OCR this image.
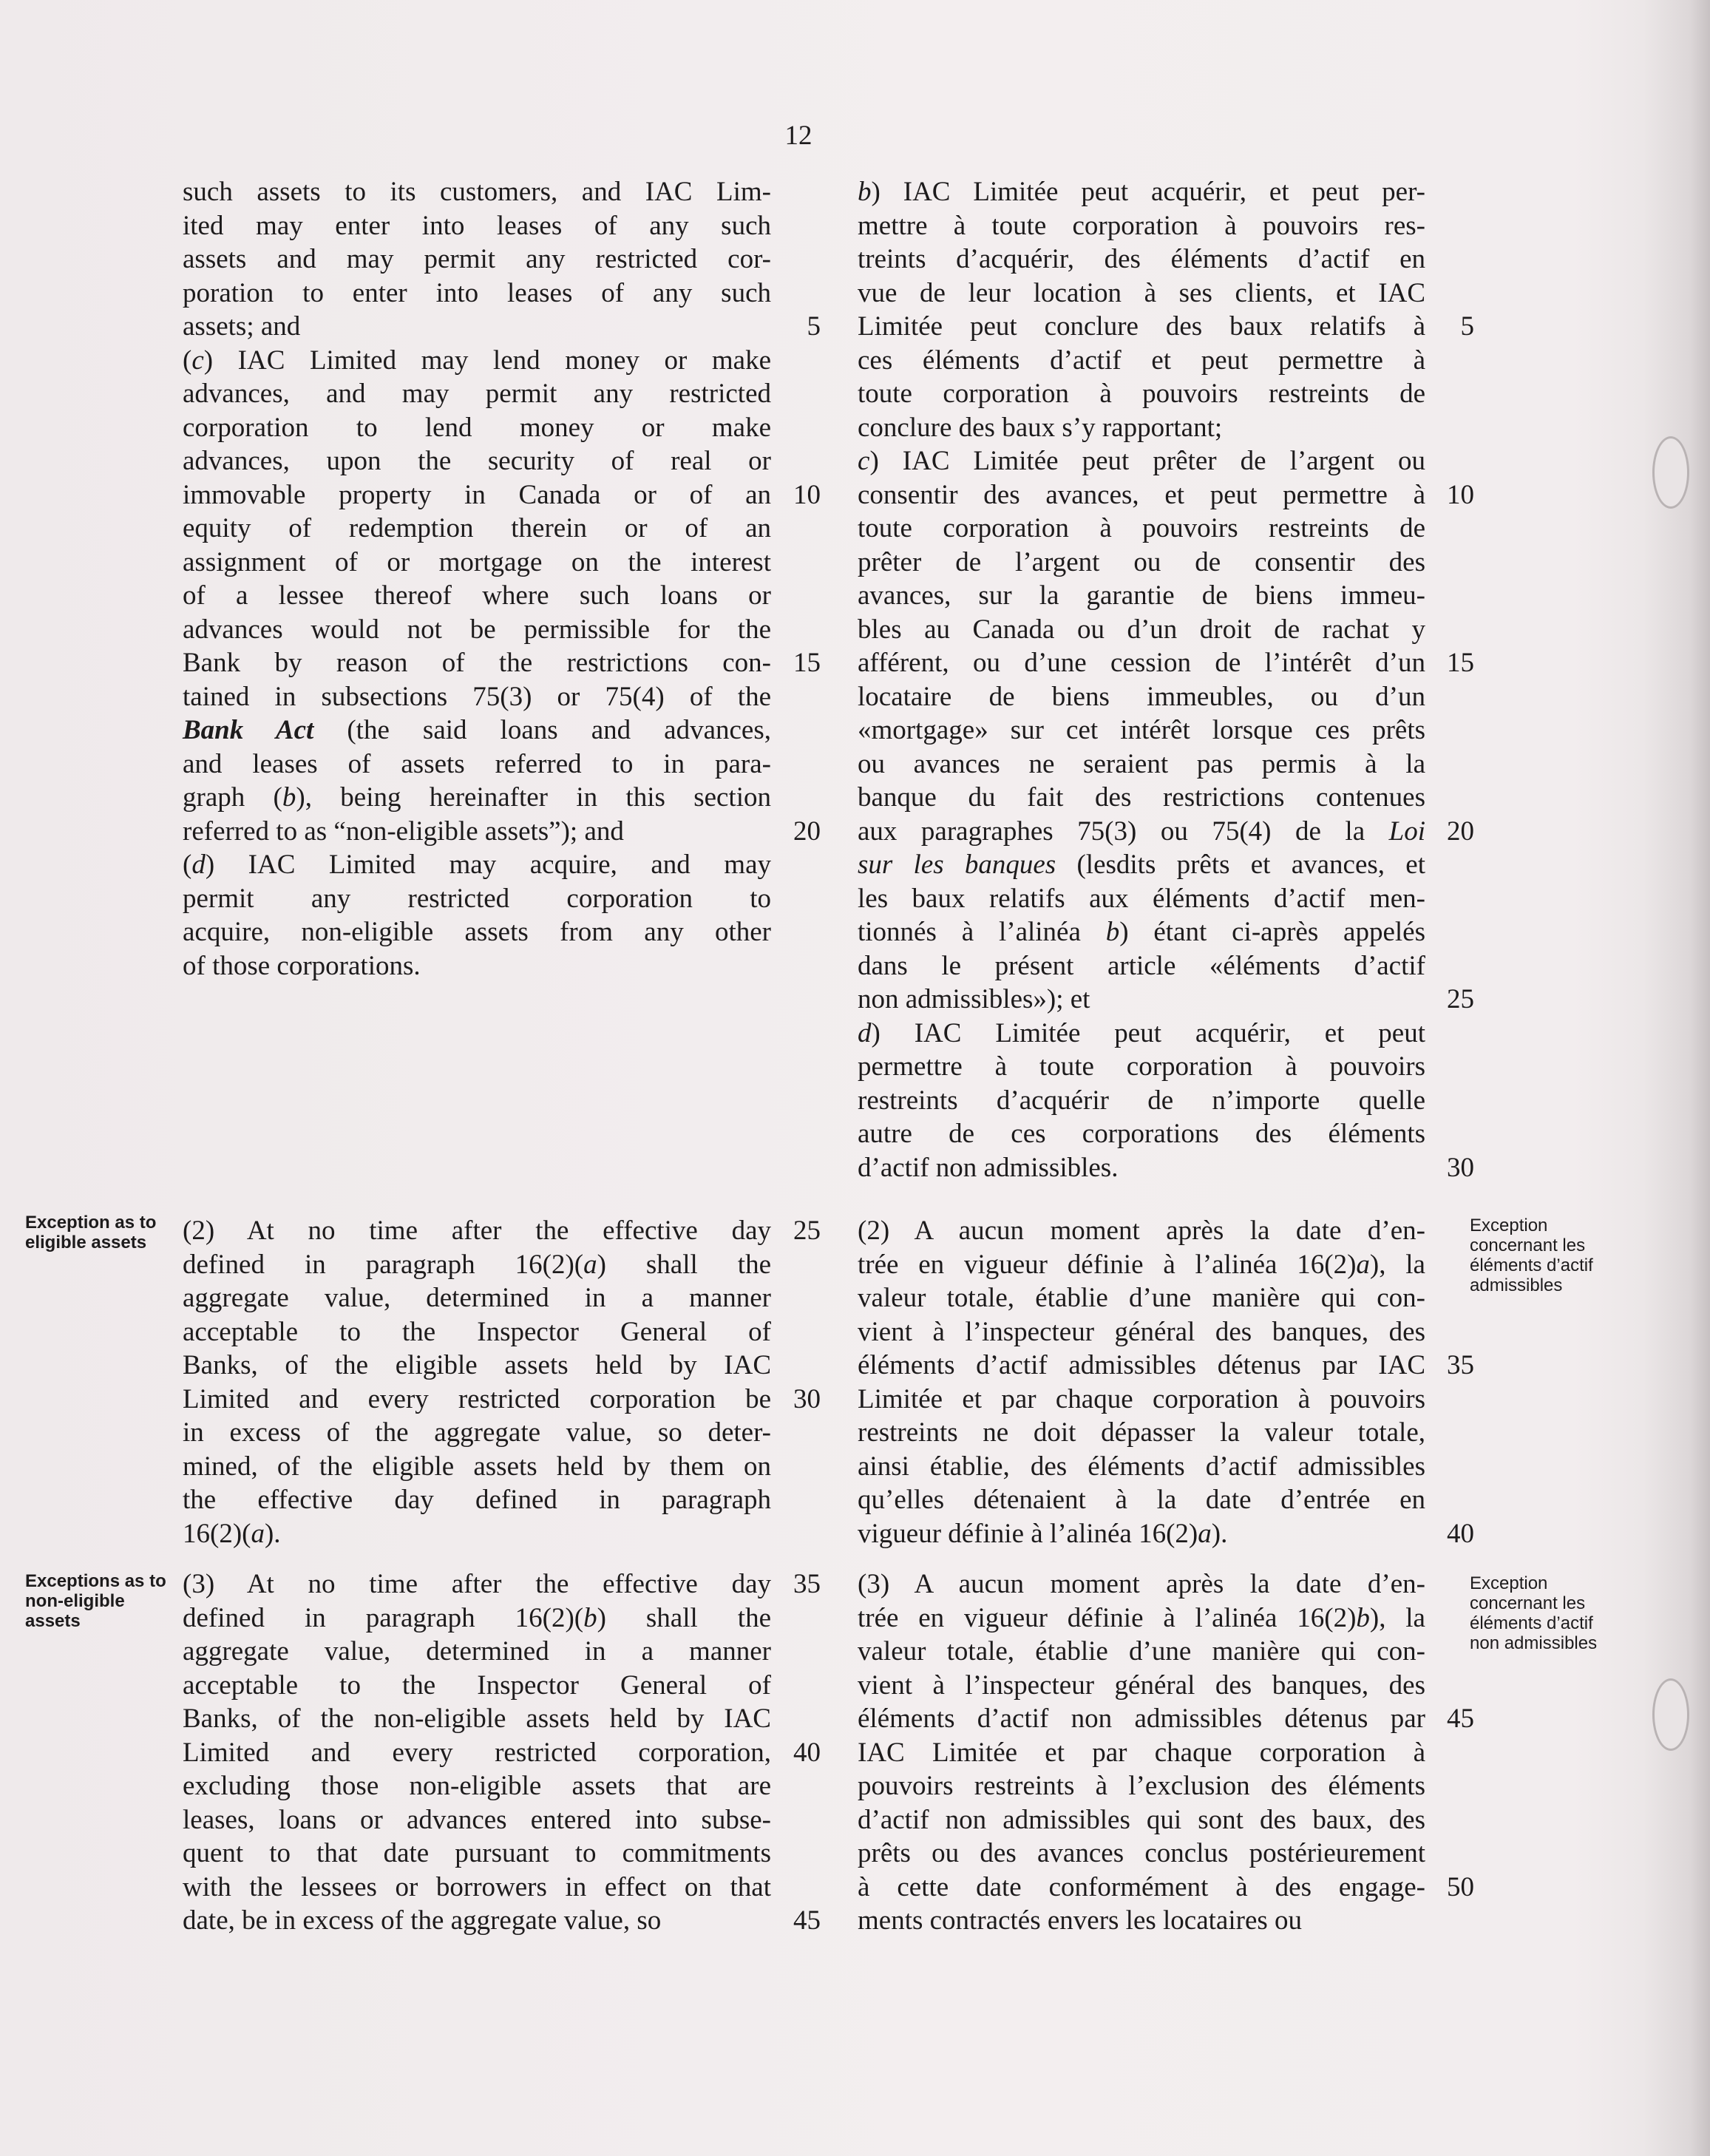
12
Exception as to eligible assets
Exceptions as to non-eligible assets
Exception concernant les éléments d’actif admissibles
Exception concernant les éléments d’actif non admissibles
such assets to its customers, and IAC Lim-
ited may enter into leases of any such
assets and may permit any restricted cor-
poration to enter into leases of any such
assets; and
(c) IAC Limited may lend money or make
advances, and may permit any restricted
corporation to lend money or make
advances, upon the security of real or
immovable property in Canada or of an
equity of redemption therein or of an
assignment of or mortgage on the interest
of a lessee thereof where such loans or
advances would not be permissible for the
Bank by reason of the restrictions con-
tained in subsections 75(3) or 75(4) of the
Bank Act (the said loans and advances,
and leases of assets referred to in para-
graph (b), being hereinafter in this section
referred to as “non-eligible assets”); and
(d) IAC Limited may acquire, and may
permit any restricted corporation to
acquire, non-eligible assets from any other
of those corporations.
(2) At no time after the effective day
defined in paragraph 16(2)(a) shall the
aggregate value, determined in a manner
acceptable to the Inspector General of
Banks, of the eligible assets held by IAC
Limited and every restricted corporation be
in excess of the aggregate value, so deter-
mined, of the eligible assets held by them on
the effective day defined in paragraph
16(2)(a).
(3) At no time after the effective day
defined in paragraph 16(2)(b) shall the
aggregate value, determined in a manner
acceptable to the Inspector General of
Banks, of the non-eligible assets held by IAC
Limited and every restricted corporation,
excluding those non-eligible assets that are
leases, loans or advances entered into subse-
quent to that date pursuant to commitments
with the lessees or borrowers in effect on that
date, be in excess of the aggregate value, so
b) IAC Limitée peut acquérir, et peut per-
mettre à toute corporation à pouvoirs res-
treints d’acquérir, des éléments d’actif en
vue de leur location à ses clients, et IAC
Limitée peut conclure des baux relatifs à
ces éléments d’actif et peut permettre à
toute corporation à pouvoirs restreints de
conclure des baux s’y rapportant;
c) IAC Limitée peut prêter de l’argent ou
consentir des avances, et peut permettre à
toute corporation à pouvoirs restreints de
prêter de l’argent ou de consentir des
avances, sur la garantie de biens immeu-
bles au Canada ou d’un droit de rachat y
afférent, ou d’une cession de l’intérêt d’un
locataire de biens immeubles, ou d’un
«mortgage» sur cet intérêt lorsque ces prêts
ou avances ne seraient pas permis à la
banque du fait des restrictions contenues
aux paragraphes 75(3) ou 75(4) de la Loi
sur les banques (lesdits prêts et avances, et
les baux relatifs aux éléments d’actif men-
tionnés à l’alinéa b) étant ci-après appelés
dans le présent article «éléments d’actif
non admissibles»); et
d) IAC Limitée peut acquérir, et peut
permettre à toute corporation à pouvoirs
restreints d’acquérir de n’importe quelle
autre de ces corporations des éléments
d’actif non admissibles.
(2) A aucun moment après la date d’en-
trée en vigueur définie à l’alinéa 16(2)a), la
valeur totale, établie d’une manière qui con-
vient à l’inspecteur général des banques, des
éléments d’actif admissibles détenus par IAC
Limitée et par chaque corporation à pouvoirs
restreints ne doit dépasser la valeur totale,
ainsi établie, des éléments d’actif admissibles
qu’elles détenaient à la date d’entrée en
vigueur définie à l’alinéa 16(2)a).
(3) A aucun moment après la date d’en-
trée en vigueur définie à l’alinéa 16(2)b), la
valeur totale, établie d’une manière qui con-
vient à l’inspecteur général des banques, des
éléments d’actif non admissibles détenus par
IAC Limitée et par chaque corporation à
pouvoirs restreints à l’exclusion des éléments
d’actif non admissibles qui sont des baux, des
prêts ou des avances conclus postérieurement
à cette date conformément à des engage-
ments contractés envers les locataires ou
5
10
15
20
25
30
35
40
45
5
10
15
20
25
30
35
40
45
50
